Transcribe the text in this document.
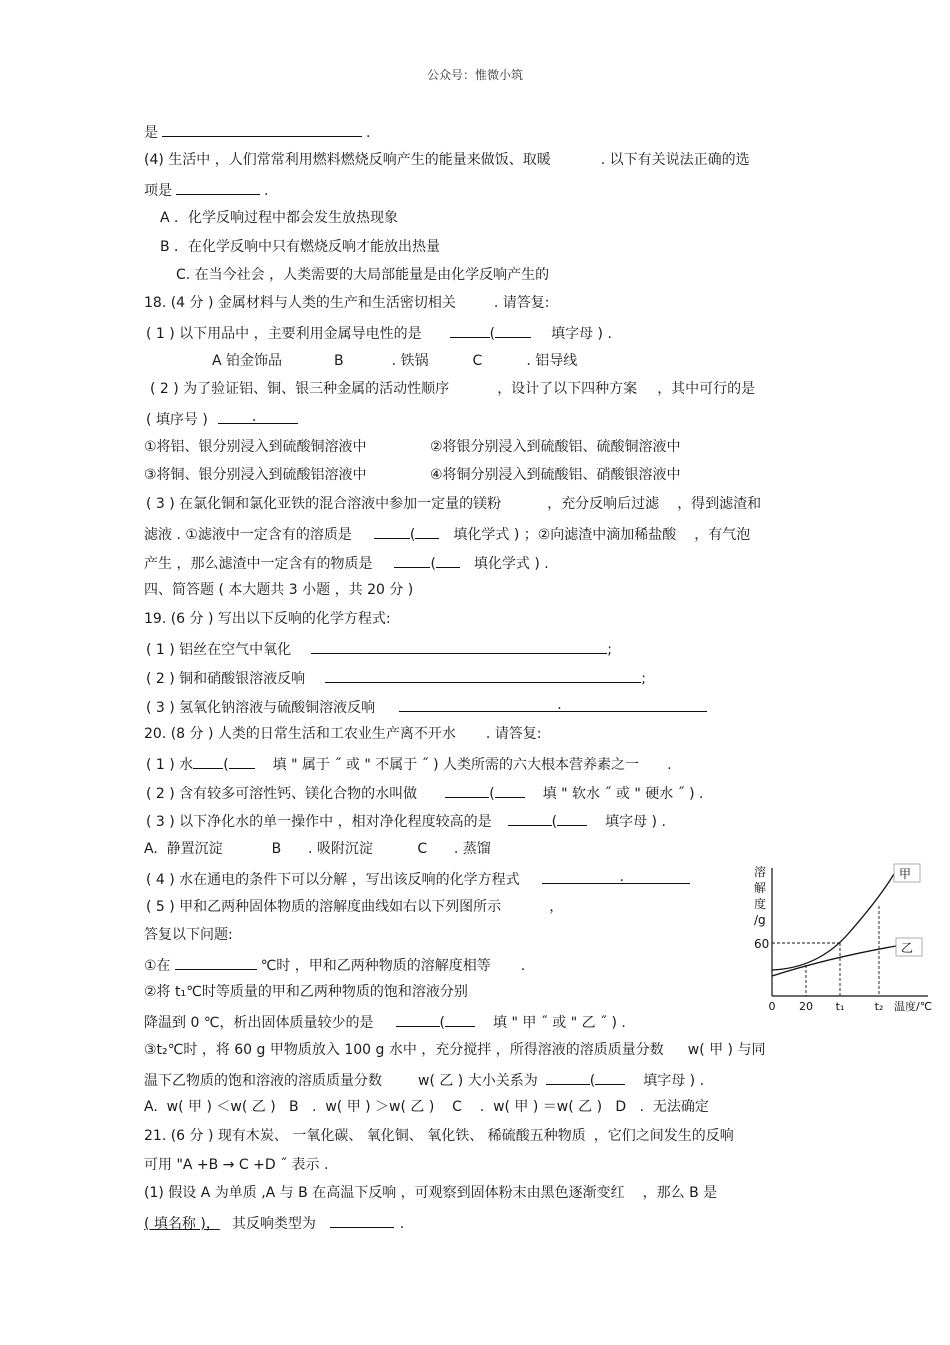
公众号：惟微小筑
是	.
(4) 生活中 ，人们常常利用燃料燃烧反响产生的能量来做饭、取暖	. 以下有关说法正确的选
项是	.
A ．化学反响过程中都会发生放热现象
B ．在化学反响中只有燃烧反响才能放出热量
C. 在当今社会 ，人类需要的大局部能量是由化学反响产生的
18. (4 分 ) 金属材料与人类的生产和生活密切相关	. 请答复:
( 1 ) 以下用品中 ，主要利用金属导电性的是	(	填字母 ) .
A 铂金饰品	B	. 铁锅	C	. 铝导线
( 2 ) 为了验证铝、铜、银三种金属的活动性顺序	，设计了以下四种方案 ，其中可行的是
( 填序号 )	.
①将铝、银分别浸入到硫酸铜溶液中	②将银分别浸入到硫酸铝、硫酸铜溶液中
③将铜、银分别浸入到硫酸铝溶液中	④将铜分别浸入到硫酸铝、硝酸银溶液中
( 3 ) 在氯化铜和氯化亚铁的混合溶液中参加一定量的镁粉	，充分反响后过滤 ，得到滤渣和
滤液 . ①滤液中一定含有的溶质是	(	填化学式 ) ；②向滤渣中滴加稀盐酸 ，有气泡
产生 ，那么滤渣中一定含有的物质是	(	填化学式 ) .
四、简答题 ( 本大题共 3 小题 ，共 20 分 )
19. (6 分 ) 写出以下反响的化学方程式:
( 1 ) 铝丝在空气中氧化	;
( 2 ) 铜和硝酸银溶液反响	;
( 3 ) 氢氧化钠溶液与硫酸铜溶液反响	.
20. (8 分 ) 人类的日常生活和工农业生产离不开水 . 请答复:
( 1 ) 水 (	填 " 属于 ˝ 或 " 不属于 ˝ ) 人类所需的六大根本营养素之一 .
( 2 ) 含有较多可溶性钙、镁化合物的水叫做	(	填 " 软水 ˝ 或 " 硬水 ˝ ) .
( 3 ) 以下净化水的单一操作中 ，相对净化程度较高的是	(	填字母 ) .
A.  静置沉淀           B      . 吸附沉淀          C      . 蒸馏
( 4 ) 水在通电的条件下可以分解 ，写出该反响的化学方程式	.
( 5 ) 甲和乙两种固体物质的溶解度曲线如右以下列图所示	，
答复以下问题:
①在	℃时 ，甲和乙两种物质的溶解度相等 .
②将 t₁℃时等质量的甲和乙两种物质的饱和溶液分别
降温到 0 ℃，析出固体质量较少的是	(	填 " 甲 ˝ 或 " 乙 ˝ ) .
③t₂℃时 ，将 60 g 甲物质放入 100 g 水中 ，充分搅拌 ，所得溶液的溶质质量分数 w( 甲 ) 与同
温下乙物质的饱和溶液的溶质质量分数	w( 乙 ) 大小关系为	(	填字母 ) .
A.  w( 甲 ) ＜w( 乙 )   B   .  w( 甲 ) ＞w( 乙 )    C    .  w( 甲 ) ＝w( 乙 )   D   .  无法确定
21. (6 分 ) 现有木炭、 一氧化碳、 氧化铜、 氧化铁、 稀硫酸五种物质 ，它们之间发生的反响
可用 "A +B → C +D ˝ 表示 .
(1) 假设 A 为单质 ,A 与 B 在高温下反响 ，可观察到固体粉末由黑色逐渐变红 ，那么 B 是
( 填名称 )， 其反响类型为	.
溶
解
度
/g
60
甲
乙
0 20 t₁	t₂ 温度/℃
